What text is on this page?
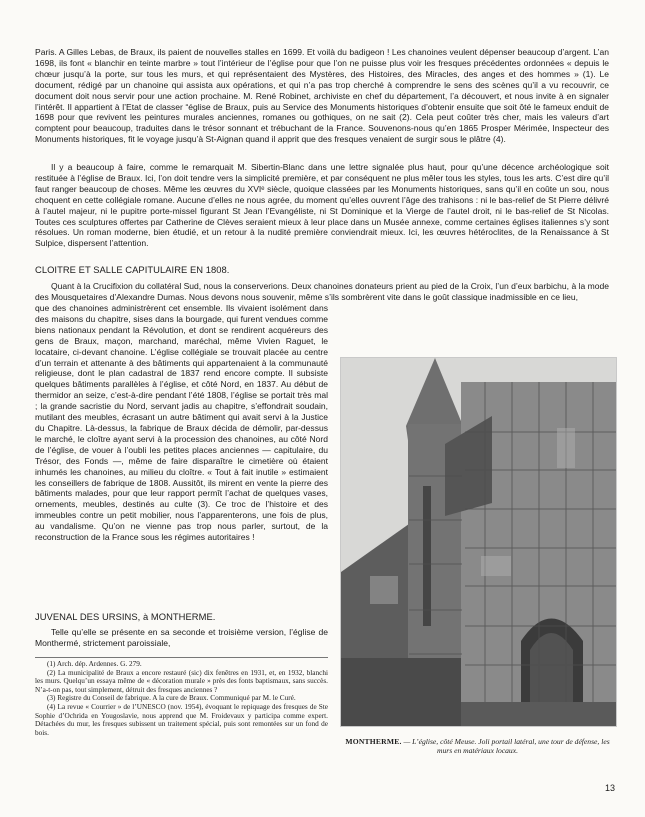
Paris. A Gilles Lebas, de Braux, ils paient de nouvelles stalles en 1699. Et voilà du badigeon ! Les chanoines veulent dépenser beaucoup d’argent. L’an 1698, ils font « blanchir en teinte marbre » tout l’intérieur de l’église pour que l’on ne puisse plus voir les fresques précédentes ordonnées « depuis le chœur jusqu’à la porte, sur tous les murs, et qui représentaient des Mystères, des Histoires, des Miracles, des anges et des hommes » (1). Le document, rédigé par un chanoine qui assista aux opérations, et qui n’a pas trop cherché à comprendre le sens des scènes qu’il a vu recouvrir, ce document doit nous servir pour une action prochaine. M. René Robinet, archiviste en chef du département, l’a découvert, et nous invite à en signaler l’intérêt. Il appartient à l’Etat de classer “église de Braux, puis au Service des Monuments historiques d’obtenir ensuite que soit ôté le fameux enduit de 1698 pour que revivent les peintures murales anciennes, romanes ou gothiques, on ne sait (2). Cela peut coûter très cher, mais les valeurs d’art comptent pour beaucoup, traduites dans le trésor sonnant et trébuchant de la France. Souvenons-nous qu’en 1865 Prosper Mérimée, Inspecteur des Monuments historiques, fit le voyage jusqu’à St-Aignan quand il apprit que des fresques venaient de surgir sous le plâtre (4).

Il y a beaucoup à faire, comme le remarquait M. Sibertin-Blanc dans une lettre signalée plus haut, pour qu’une décence archéologique soit restituée à l’église de Braux. Ici, l’on doit tendre vers la simplicité première, et par conséquent ne plus mêler tous les styles, tous les arts. C’est dire qu’il faut ranger beaucoup de choses. Même les œuvres du XVIᵉ siècle, quoique classées par les Monuments historiques, sans qu’il en coûte un sou, nous choquent en cette collégiale romane. Aucune d’elles ne nous agrée, du moment qu’elles ouvrent l’âge des trahisons : ni le bas-relief de St Pierre délivré à l’autel majeur, ni le pupitre porte-missel figurant St Jean l’Evangéliste, ni St Dominique et la Vierge de l’autel droit, ni le bas-relief de St Nicolas. Toutes ces sculptures offertes par Catherine de Clèves seraient mieux à leur place dans un Musée annexe, comme certaines églises italiennes s’y sont résolues. Un roman moderne, bien étudié, et un retour à la nudité première conviendrait mieux. Ici, les œuvres hétéroclites, de la Renaissance à St Sulpice, dispersent l’attention.

CLOITRE ET SALLE CAPITULAIRE EN 1808.

Quant à la Crucifixion du collatéral Sud, nous la conserverions. Deux chanoines donateurs prient au pied de la Croix, l’un d’eux barbichu, à la mode des Mousquetaires d’Alexandre Dumas. Nous devons nous souvenir, même s’ils sombrèrent vite dans le goût classique inadmissible en ce lieu,

que des chanoines administrèrent cet ensemble. Ils vivaient isolément dans des maisons du chapitre, sises dans la bourgade, qui furent vendues comme biens nationaux pendant la Révolution, et dont se rendirent acquéreurs des gens de Braux, maçon, marchand, maréchal, même Vivien Raguet, le locataire, ci-devant chanoine. L’église collégiale se trouvait placée au centre d’un terrain et attenante à des bâtiments qui appartenaient à la communauté religieuse, dont le plan cadastral de 1837 rend encore compte. Il subsiste quelques bâtiments parallèles à l’église, et côté Nord, en 1837. Au début de thermidor an seize, c’est-à-dire pendant l’été 1808, l’église se portait très mal ; la grande sacristie du Nord, servant jadis au chapitre, s’effondrait soudain, mutilant des meubles, écrasant un autre bâtiment qui avait servi à la Justice du Chapitre. Là-dessus, la fabrique de Braux décida de démolir, par-dessus le marché, le cloître ayant servi à la procession des chanoines, au côté Nord de l’église, de vouer à l’oubli les petites places anciennes — capitulaire, du Trésor, des Fonds —, même de faire disparaître le cimetière où étaient inhumés les chanoines, au milieu du cloître. « Tout à fait inutile » estimaient les conseillers de fabrique de 1808. Aussitôt, ils mirent en vente la pierre des bâtiments malades, pour que leur rapport permît l’achat de quelques vases, ornements, meubles, destinés au culte (3). Ce troc de l’histoire et des immeubles contre un petit mobilier, nous l’apparenterons, une fois de plus, au vandalisme. Qu’on ne vienne pas trop nous parler, surtout, de la reconstruction de la France sous les régimes autoritaires !

JUVENAL DES URSINS, à MONTHERME.

Telle qu’elle se présente en sa seconde et troisième version, l’église de Monthermé, strictement paroissiale,

(1) Arch. dép. Ardennes. G. 279.

(2) La municipalité de Braux a encore restauré (sic) dix fenêtres en 1931, et, en 1932, blanchi les murs. Quelqu’un essaya même de « décoration murale » près des fonts baptismaux, sans succès. N’a-t-on pas, tout simplement, détruit des fresques anciennes ?

(3) Registre du Conseil de fabrique. A la cure de Braux. Communiqué par M. le Curé.

(4) La revue « Courrier » de l’UNESCO (nov. 1954), évoquant le repiquage des fresques de Ste Sophie d’Ochrida en Yougoslavie, nous apprend que M. Froidevaux y participa comme expert. Détachées du mur, les fresques subissent un traitement spécial, puis sont remontées sur un fond de bois.

MONTHERME. — L’église, côté Meuse. Joli portail latéral, une tour de défense, les murs en matériaux locaux.
13
